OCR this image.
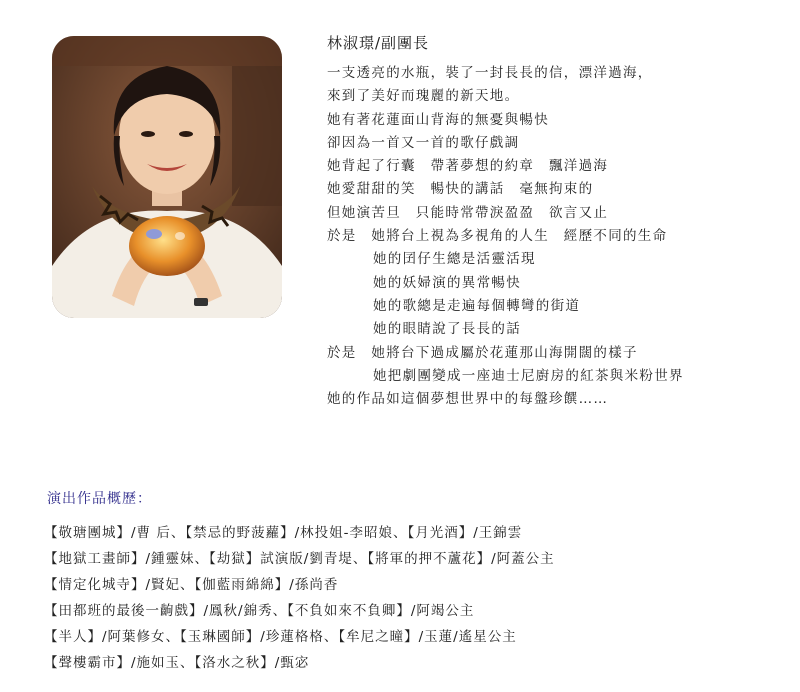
林淑璟/副團長
一支透亮的水瓶，裝了一封長長的信，漂洋過海，
來到了美好而瑰麗的新天地。
她有著花蓮面山背海的無憂與暢快
卻因為一首又一首的歌仔戲調
她背起了行囊　帶著夢想的約章　飄洋過海
她愛甜甜的笑　暢快的講話　毫無拘束的
但她演苦旦　只能時常帶淚盈盈　欲言又止
於是　她將台上視為多視角的人生　經歷不同的生命
她的囝仔生總是活靈活現
她的妖婦演的異常暢快
她的歌總是走遍每個轉彎的街道
她的眼睛說了長長的話
於是　她將台下過成屬於花蓮那山海開闊的樣子
她把劇團變成一座迪士尼廚房的紅茶與米粉世界
她的作品如這個夢想世界中的每盤珍饌……
演出作品概歷：
【敬瑭團城】/曹 后、【禁忌的野菠蘿】/林投姐-李昭娘、【月光酒】/王錦雲
【地獄工畫師】/鍾靈妹、【劫獄】試演版/劉青堤、【將軍的押不蘆花】/阿蓋公主
【情定化城寺】/賢妃、【伽藍雨綿綿】/孫尚香
【田都班的最後一齣戲】/鳳秋/錦秀、【不負如來不負卿】/阿竭公主
【半人】/阿葉修女、【玉琳國師】/珍蓮格格、【牟尼之曈】/玉蓮/遙星公主
【聲樓霸市】/施如玉、【洛水之秋】/甄宓
